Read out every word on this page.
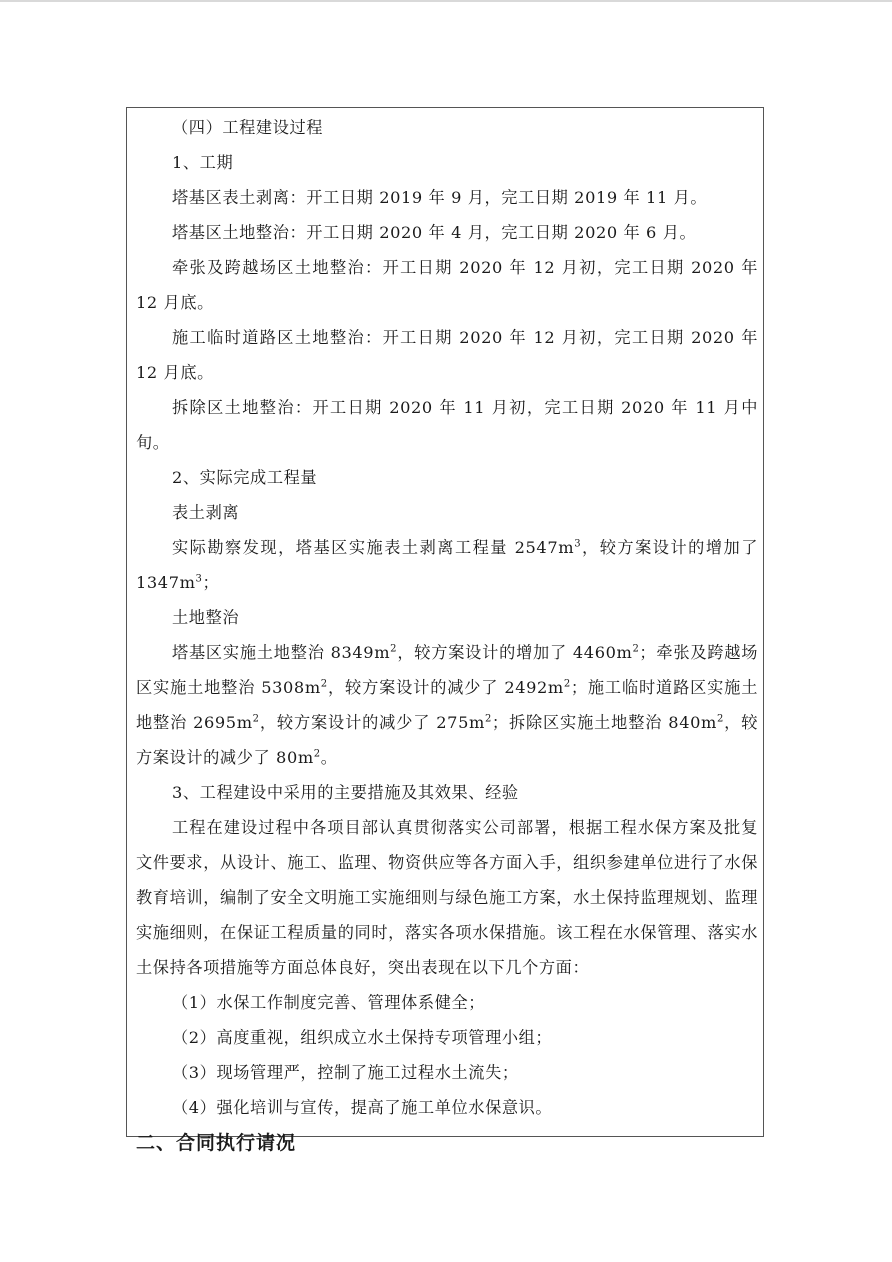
（四）工程建设过程

1、工期

塔基区表土剥离：开工日期 2019 年 9 月，完工日期 2019 年 11 月。

塔基区土地整治：开工日期 2020 年 4 月，完工日期 2020 年 6 月。

牵张及跨越场区土地整治：开工日期 2020 年 12 月初，完工日期 2020 年 12 月底。

施工临时道路区土地整治：开工日期 2020 年 12 月初，完工日期 2020 年 12 月底。

拆除区土地整治：开工日期 2020 年 11 月初，完工日期 2020 年 11 月中旬。

2、实际完成工程量

表土剥离

实际勘察发现，塔基区实施表土剥离工程量 $2547m^3$，较方案设计的增加了 $1347m^3$；

土地整治

塔基区实施土地整治 $8349m^2$，较方案设计的增加了 $4460m^2$；牵张及跨越场区实施土地整治 $5308m^2$，较方案设计的减少了 $2492m^2$；施工临时道路区实施土地整治 $2695m^2$，较方案设计的减少了 $275m^2$；拆除区实施土地整治 $840m^2$，较方案设计的减少了 $80m^2$。

3、工程建设中采用的主要措施及其效果、经验

工程在建设过程中各项目部认真贯彻落实公司部署，根据工程水保方案及批复文件要求，从设计、施工、监理、物资供应等各方面入手，组织参建单位进行了水保教育培训，编制了安全文明施工实施细则与绿色施工方案，水土保持监理规划、监理实施细则，在保证工程质量的同时，落实各项水保措施。该工程在水保管理、落实水土保持各项措施等方面总体良好，突出表现在以下几个方面：

（1）水保工作制度完善、管理体系健全；

（2）高度重视，组织成立水土保持专项管理小组；

（3）现场管理严，控制了施工过程水土流失；

（4）强化培训与宣传，提高了施工单位水保意识。

二、合同执行请况
